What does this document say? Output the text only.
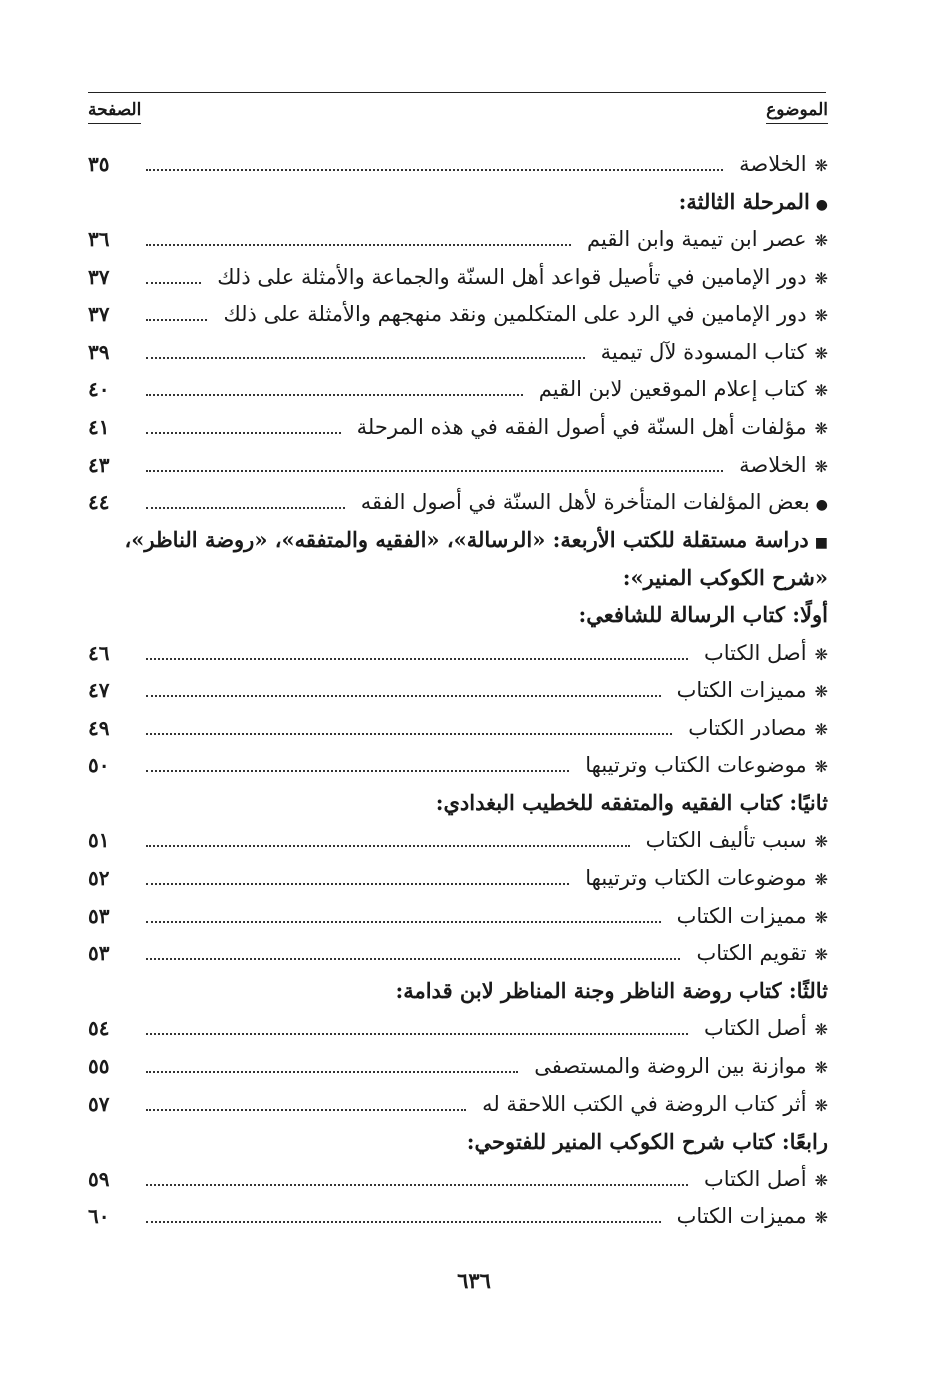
الموضوع
الصفحة
❋الخلاصة
٣٥
●المرحلة الثالثة:
❋عصر ابن تيمية وابن القيم
٣٦
❋دور الإمامين في تأصيل قواعد أهل السنّة والجماعة والأمثلة على ذلك
٣٧
❋دور الإمامين في الرد على المتكلمين ونقد منهجهم والأمثلة على ذلك
٣٧
❋كتاب المسودة لآل تيمية
٣٩
❋كتاب إعلام الموقعين لابن القيم
٤٠
❋مؤلفات أهل السنّة في أصول الفقه في هذه المرحلة
٤١
❋الخلاصة
٤٣
●بعض المؤلفات المتأخرة لأهل السنّة في أصول الفقه
٤٤
■دراسة مستقلة للكتب الأربعة: «الرسالة»، «الفقيه والمتفقه»، «روضة الناظر»،
«شرح الكوكب المنير»:
أولًا: كتاب الرسالة للشافعي:
❋أصل الكتاب
٤٦
❋مميزات الكتاب
٤٧
❋مصادر الكتاب
٤٩
❋موضوعات الكتاب وترتيبها
٥٠
ثانيًا: كتاب الفقيه والمتفقه للخطيب البغدادي:
❋سبب تأليف الكتاب
٥١
❋موضوعات الكتاب وترتيبها
٥٢
❋مميزات الكتاب
٥٣
❋تقويم الكتاب
٥٣
ثالثًا: كتاب روضة الناظر وجنة المناظر لابن قدامة:
❋أصل الكتاب
٥٤
❋موازنة بين الروضة والمستصفى
٥٥
❋أثر كتاب الروضة في الكتب اللاحقة له
٥٧
رابعًا: كتاب شرح الكوكب المنير للفتوحي:
❋أصل الكتاب
٥٩
❋مميزات الكتاب
٦٠
٦٣٦
